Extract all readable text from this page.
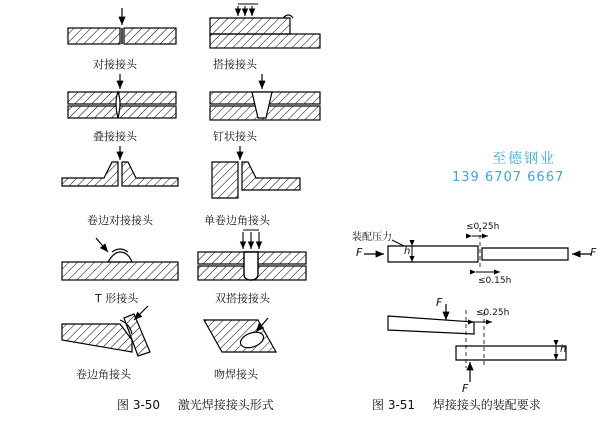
对接接头	搭接接头
叠接接头	钉状接头
卷边对接接头	单卷边角接头
T 形接头	双搭接接头
卷边角接头	吻焊接头
装配压力
≤0.25h
≤0.15h
≤0.25h
F	F
F
F
h
h
图 3-50 激光焊接接头形式	图 3-51 焊接接头的装配要求
至德钢业
139 6707 6667
